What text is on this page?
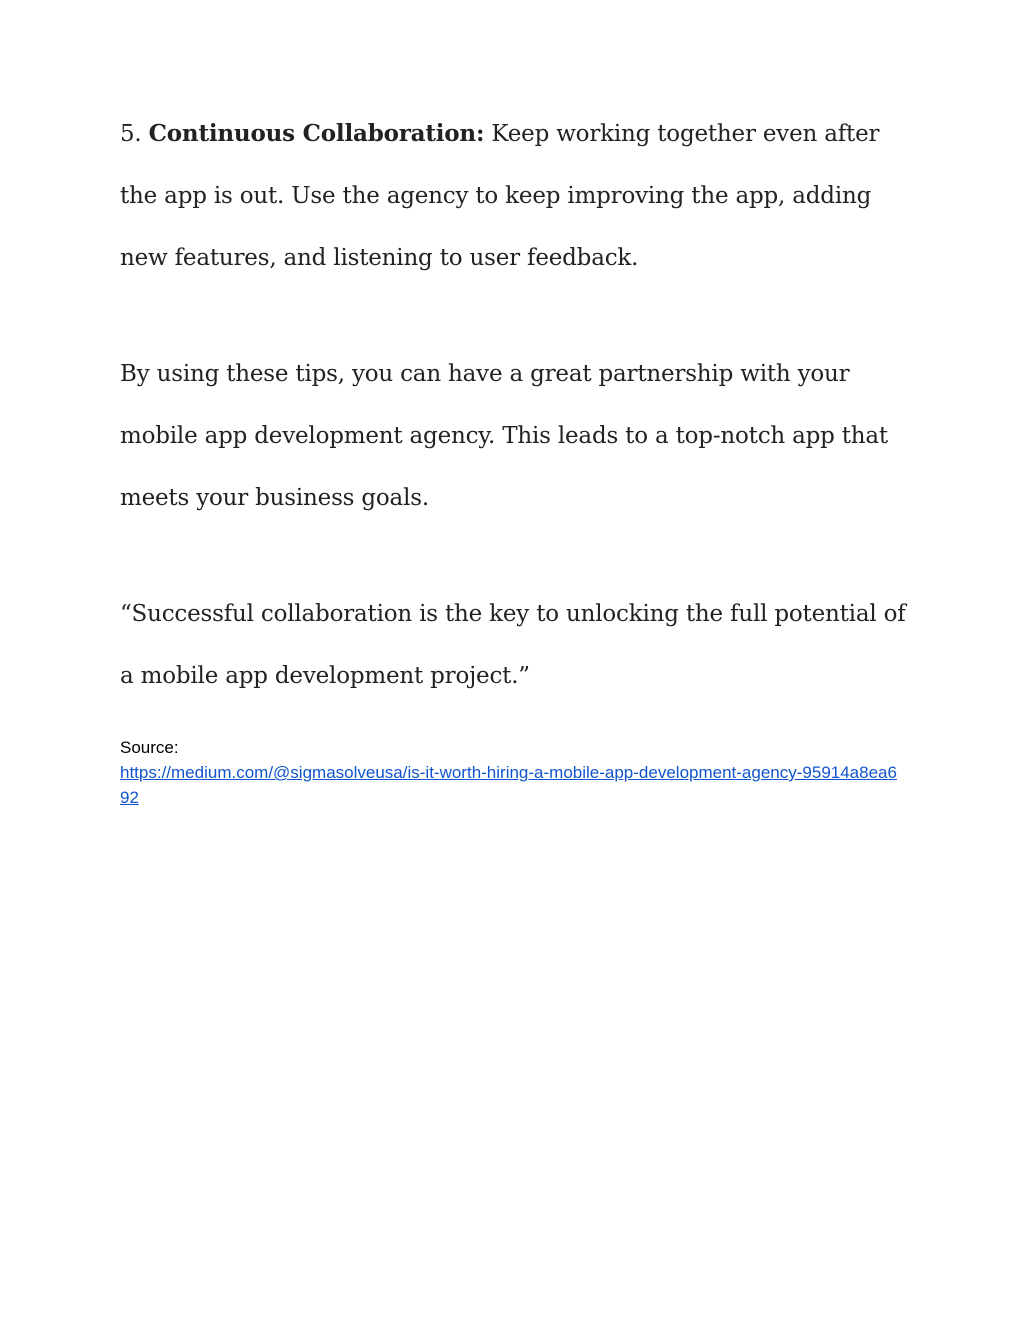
5. Continuous Collaboration: Keep working together even after the app is out. Use the agency to keep improving the app, adding new features, and listening to user feedback.

By using these tips, you can have a great partnership with your mobile app development agency. This leads to a top-notch app that meets your business goals.

“Successful collaboration is the key to unlocking the full potential of a mobile app development project.”

Source:
https://medium.com/@sigmasolveusa/is-it-worth-hiring-a-mobile-app-development-agency-95914a8ea692
